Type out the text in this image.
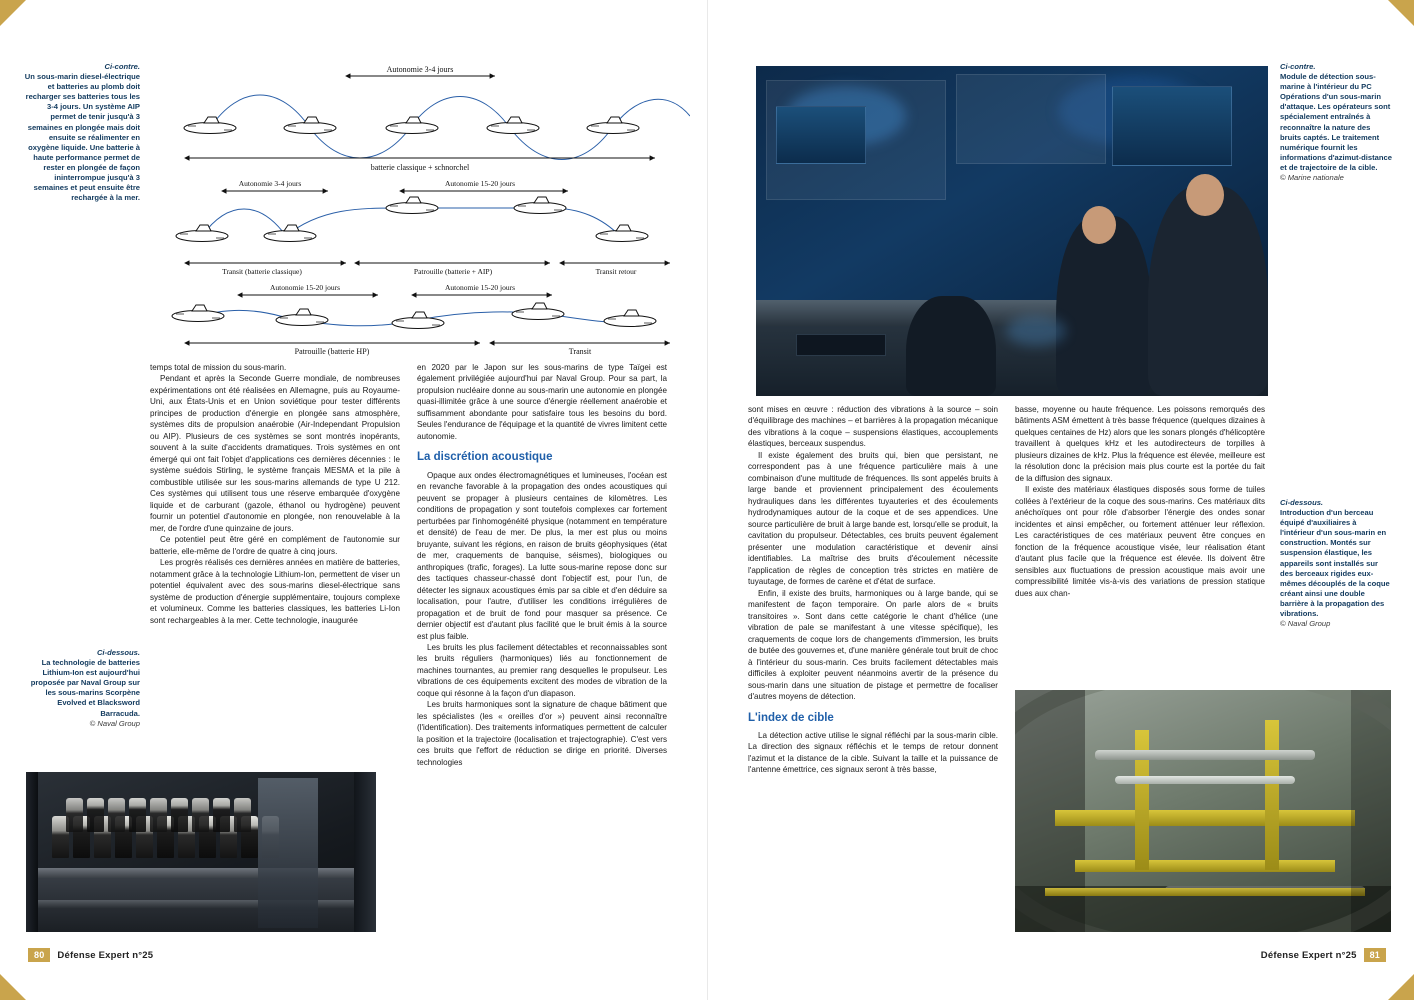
Ci-contre.
Un sous-marin diesel-électrique et batteries au plomb doit recharger ses batteries tous les 3-4 jours. Un système AIP permet de tenir jusqu'à 3 semaines en plongée mais doit ensuite se réalimenter en oxygène liquide. Une batterie à haute performance permet de rester en plongée de façon ininterrompue jusqu'à 3 semaines et peut ensuite être rechargée à la mer.
Autonomie 3-4 jours
batterie classique + schnorchel
Autonomie 3-4 jours	Autonomie 15-20 jours
Transit (batterie classique)	Patrouille (batterie + AIP)	Transit retour
Autonomie 15-20 jours	Autonomie 15-20 jours
Patrouille (batterie HP)	Transit

temps total de mission du sous-marin.

Pendant et après la Seconde Guerre mondiale, de nombreuses expérimentations ont été réalisées en Allemagne, puis au Royaume-Uni, aux États-Unis et en Union soviétique pour tester différents principes de production d'énergie en plongée sans atmosphère, systèmes dits de propulsion anaérobie (Air-Independant Propulsion ou AIP). Plusieurs de ces systèmes se sont montrés inopérants, souvent à la suite d'accidents dramatiques. Trois systèmes en ont émergé qui ont fait l'objet d'applications ces dernières décennies : le système suédois Stirling, le système français MESMA et la pile à combustible utilisée sur les sous-marins allemands de type U 212. Ces systèmes qui utilisent tous une réserve embarquée d'oxygène liquide et de carburant (gazole, éthanol ou hydrogène) peuvent fournir un potentiel d'autonomie en plongée, non renouvelable à la mer, de l'ordre d'une quinzaine de jours.

Ce potentiel peut être géré en complément de l'autonomie sur batterie, elle-même de l'ordre de quatre à cinq jours.

Les progrès réalisés ces dernières années en matière de batteries, notamment grâce à la technologie Lithium-Ion, permettent de viser un potentiel équivalent avec des sous-marins diesel-électrique sans système de production d'énergie supplémentaire, toujours complexe et volumineux. Comme les batteries classiques, les batteries Li-Ion sont rechargeables à la mer. Cette technologie, inaugurée

en 2020 par le Japon sur les sous-marins de type Taïgei est également privilégiée aujourd'hui par Naval Group. Pour sa part, la propulsion nucléaire donne au sous-marin une autonomie en plongée quasi-illimitée grâce à une source d'énergie réellement anaérobie et suffisamment abondante pour satisfaire tous les besoins du bord. Seules l'endurance de l'équipage et la quantité de vivres limitent cette autonomie.

La discrétion acoustique

Opaque aux ondes électromagnétiques et lumineuses, l'océan est en revanche favorable à la propagation des ondes acoustiques qui peuvent se propager à plusieurs centaines de kilomètres. Les conditions de propagation y sont toutefois complexes car fortement perturbées par l'inhomogénéité physique (notamment en température et densité) de l'eau de mer. De plus, la mer est plus ou moins bruyante, suivant les régions, en raison de bruits géophysiques (état de mer, craquements de banquise, séismes), biologiques ou anthropiques (trafic, forages). La lutte sous-marine repose donc sur des tactiques chasseur-chassé dont l'objectif est, pour l'un, de détecter les signaux acoustiques émis par sa cible et d'en déduire sa localisation, pour l'autre, d'utiliser les conditions irrégulières de propagation et de bruit de fond pour masquer sa présence. Ce dernier objectif est d'autant plus facilité que le bruit émis à la source est plus faible.

Les bruits les plus facilement détectables et reconnaissables sont les bruits réguliers (harmoniques) liés au fonctionnement de machines tournantes, au premier rang desquelles le propulseur. Les vibrations de ces équipements excitent des modes de vibration de la coque qui résonne à la façon d'un diapason.

Les bruits harmoniques sont la signature de chaque bâtiment que les spécialistes (les « oreilles d'or ») peuvent ainsi reconnaître (l'identification). Des traitements informatiques permettent de calculer la position et la trajectoire (localisation et trajectographie). C'est vers ces bruits que l'effort de réduction se dirige en priorité. Diverses technologies

Ci-dessous.
La technologie de batteries Lithium-Ion est aujourd'hui proposée par Naval Group sur les sous-marins Scorpène Evolved et Blacksword Barracuda.
© Naval Group
80	Défense Expert n°25
Ci-contre.
Module de détection sous-marine à l'intérieur du PC Opérations d'un sous-marin d'attaque. Les opérateurs sont spécialement entraînés à reconnaître la nature des bruits captés. Le traitement numérique fournit les informations d'azimut-distance et de trajectoire de la cible.
© Marine nationale

sont mises en œuvre : réduction des vibrations à la source – soin d'équilibrage des machines – et barrières à la propagation mécanique des vibrations à la coque – suspensions élastiques, accouplements élastiques, berceaux suspendus.

Il existe également des bruits qui, bien que persistant, ne correspondent pas à une fréquence particulière mais à une combinaison d'une multitude de fréquences. Ils sont appelés bruits à large bande et proviennent principalement des écoulements hydrauliques dans les différentes tuyauteries et des écoulements hydrodynamiques autour de la coque et de ses appendices. Une source particulière de bruit à large bande est, lorsqu'elle se produit, la cavitation du propulseur. Détectables, ces bruits peuvent également présenter une modulation caractéristique et devenir ainsi identifiables. La maîtrise des bruits d'écoulement nécessite l'application de règles de conception très strictes en matière de tuyautage, de formes de carène et d'état de surface.

Enfin, il existe des bruits, harmoniques ou à large bande, qui se manifestent de façon temporaire. On parle alors de « bruits transitoires ». Sont dans cette catégorie le chant d'hélice (une vibration de pale se manifestant à une vitesse spécifique), les craquements de coque lors de changements d'immersion, les bruits de butée des gouvernes et, d'une manière générale tout bruit de choc à l'intérieur du sous-marin. Ces bruits facilement détectables mais difficiles à exploiter peuvent néanmoins avertir de la présence du sous-marin dans une situation de pistage et permettre de focaliser d'autres moyens de détection.

L'index de cible

La détection active utilise le signal réfléchi par la sous-marin cible. La direction des signaux réfléchis et le temps de retour donnent l'azimut et la distance de la cible. Suivant la taille et la puissance de l'antenne émettrice, ces signaux seront à très basse,

basse, moyenne ou haute fréquence. Les poissons remorqués des bâtiments ASM émettent à très basse fréquence (quelques dizaines à quelques centaines de Hz) alors que les sonars plongés d'hélicoptère travaillent à quelques kHz et les autodirecteurs de torpilles à plusieurs dizaines de kHz. Plus la fréquence est élevée, meilleure est la résolution donc la précision mais plus courte est la portée du fait de la diffusion des signaux.

Il existe des matériaux élastiques disposés sous forme de tuiles collées à l'extérieur de la coque des sous-marins. Ces matériaux dits anéchoïques ont pour rôle d'absorber l'énergie des ondes sonar incidentes et ainsi empêcher, ou fortement atténuer leur réflexion. Les caractéristiques de ces matériaux peuvent être conçues en fonction de la fréquence acoustique visée, leur réalisation étant d'autant plus facile que la fréquence est élevée. Ils doivent être sensibles aux fluctuations de pression acoustique mais avoir une compressibilité limitée vis-à-vis des variations de pression statique dues aux chan-

Ci-dessous.
Introduction d'un berceau équipé d'auxiliaires à l'intérieur d'un sous-marin en construction. Montés sur suspension élastique, les appareils sont installés sur des berceaux rigides eux-mêmes découplés de la coque créant ainsi une double barrière à la propagation des vibrations.
© Naval Group
Défense Expert n°25	81
